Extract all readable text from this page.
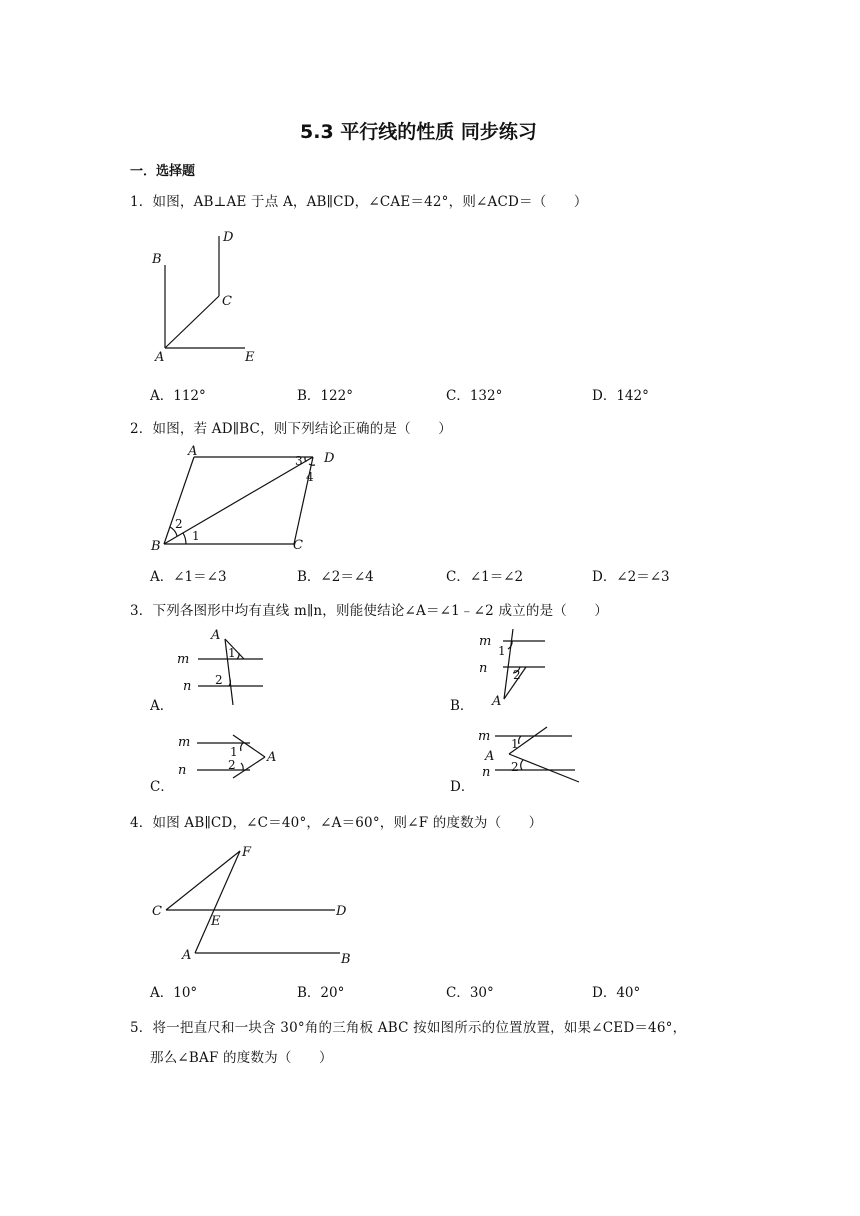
5.3 平行线的性质 同步练习
一．选择题
1．如图，AB⊥AE 于点 A，AB∥CD，∠CAE＝42°，则∠ACD＝（　　）
B
D
C
A	E
A．112°	B．122°	C．132°	D．142°
2．如图，若 AD∥BC，则下列结论正确的是（　　）
A
B	C
D
1
2
3
4
A．∠1＝∠3	B．∠2＝∠4	C．∠1＝∠2	D．∠2＝∠3
3．下列各图形中均有直线 m∥n，则能使结论∠A＝∠1﹣∠2 成立的是（　　）
A
m
n
1
2
A．
m
n
A
1
2
B．
m
n
A
1
2
C．
m
A
n
1
2
D．
4．如图 AB∥CD，∠C＝40°，∠A＝60°，则∠F 的度数为（　　）
F
C	D
E
A	B
A．10°	B．20°	C．30°	D．40°
5．将一把直尺和一块含 30°角的三角板 ABC 按如图所示的位置放置，如果∠CED＝46°，
那么∠BAF 的度数为（　　）
